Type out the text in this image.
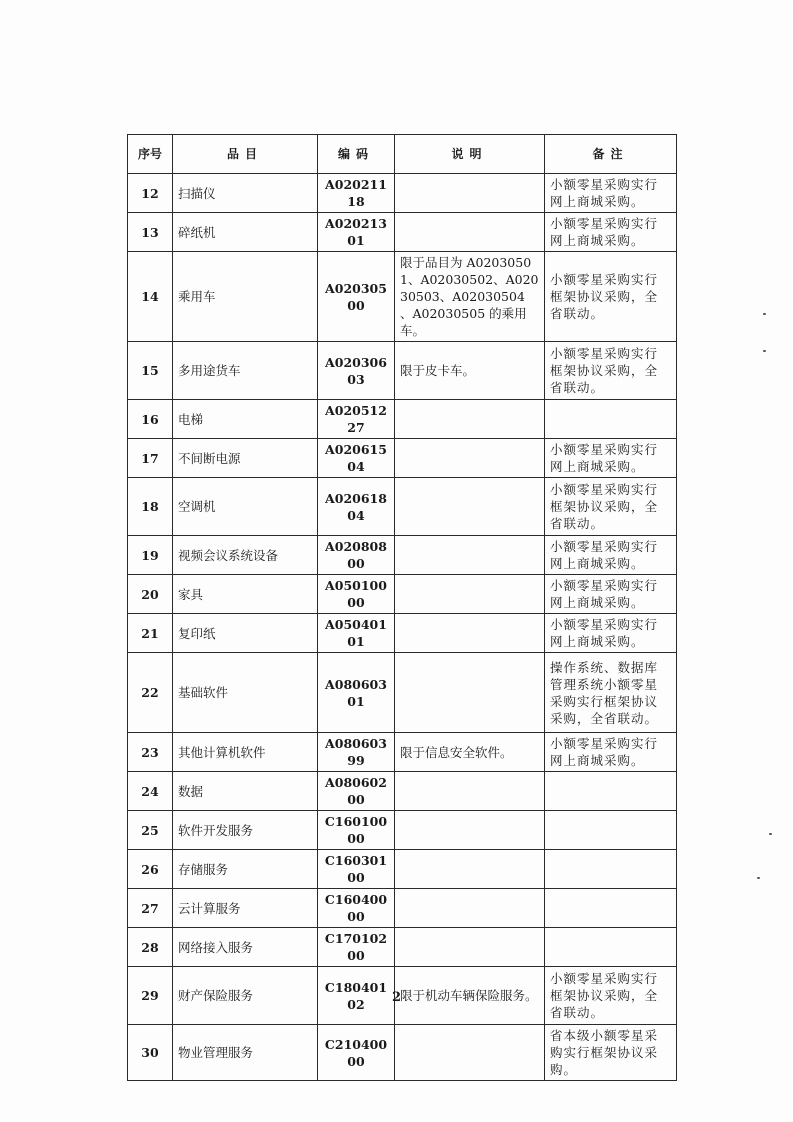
序号	品目	编码	说明	备注
12	扫描仪	A02021118		小额零星采购实行网上商城采购。
13	碎纸机	A02021301		小额零星采购实行网上商城采购。
14	乘用车	A02030500	限于品目为 A02030501、A02030502、A02030503、A02030504 、A02030505 的乘用车。	小额零星采购实行框架协议采购，全省联动。
15	多用途货车	A02030603	限于皮卡车。	小额零星采购实行框架协议采购，全省联动。
16	电梯	A02051227		
17	不间断电源	A02061504		小额零星采购实行网上商城采购。
18	空调机	A02061804		小额零星采购实行框架协议采购，全省联动。
19	视频会议系统设备	A02080800		小额零星采购实行网上商城采购。
20	家具	A05010000		小额零星采购实行网上商城采购。
21	复印纸	A05040101		小额零星采购实行网上商城采购。
22	基础软件	A08060301		操作系统、数据库管理系统小额零星采购实行框架协议采购，全省联动。
23	其他计算机软件	A08060399	限于信息安全软件。	小额零星采购实行网上商城采购。
24	数据	A08060200		
25	软件开发服务	C16010000		
26	存储服务	C16030100		
27	云计算服务	C16040000		
28	网络接入服务	C17010200		
29	财产保险服务	C18040102	限于机动车辆保险服务。	小额零星采购实行框架协议采购，全省联动。
30	物业管理服务	C21040000		省本级小额零星采购实行框架协议采购。
2
